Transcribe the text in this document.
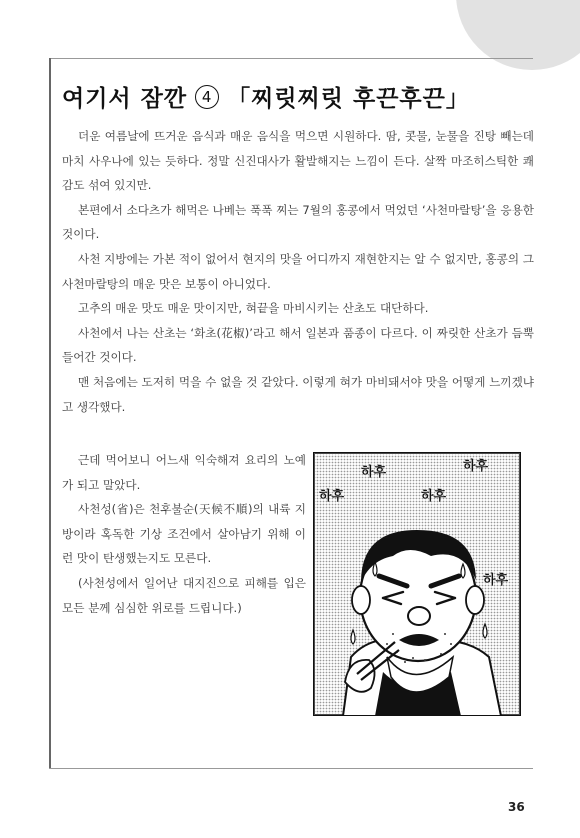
여기서 잠깐 4 「찌릿찌릿 후끈후끈」

더운 여름날에 뜨거운 음식과 매운 음식을 먹으면 시원하다. 땀, 콧물, 눈물을 진탕 빼는데 마치 사우나에 있는 듯하다. 정말 신진대사가 활발해지는 느낌이 든다. 살짝 마조히스틱한 쾌감도 섞여 있지만.

본편에서 소다츠가 해먹은 나베는 푹푹 찌는 7월의 홍콩에서 먹었던 ‘사천마랄탕’을 응용한 것이다.

사천 지방에는 가본 적이 없어서 현지의 맛을 어디까지 재현한지는 알 수 없지만, 홍콩의 그 사천마랄탕의 매운 맛은 보통이 아니었다.

고추의 매운 맛도 매운 맛이지만, 혀끝을 마비시키는 산초도 대단하다.

사천에서 나는 산초는 ‘화초(花椒)’라고 해서 일본과 품종이 다르다. 이 짜릿한 산초가 듬뿍 들어간 것이다.

맨 처음에는 도저히 먹을 수 없을 것 같았다. 이렇게 혀가 마비돼서야 맛을 어떻게 느끼겠냐고 생각했다.

근데 먹어보니 어느새 익숙해져 요리의 노예가 되고 말았다.

사천성(省)은 천후불순(天候不順)의 내륙 지방이라 혹독한 기상 조건에서 살아남기 위해 이런 맛이 탄생했는지도 모른다.

(사천성에서 일어난 대지진으로 피해를 입은 모든 분께 심심한 위로를 드립니다.)

하후	하후
하후
하후
하후
36
